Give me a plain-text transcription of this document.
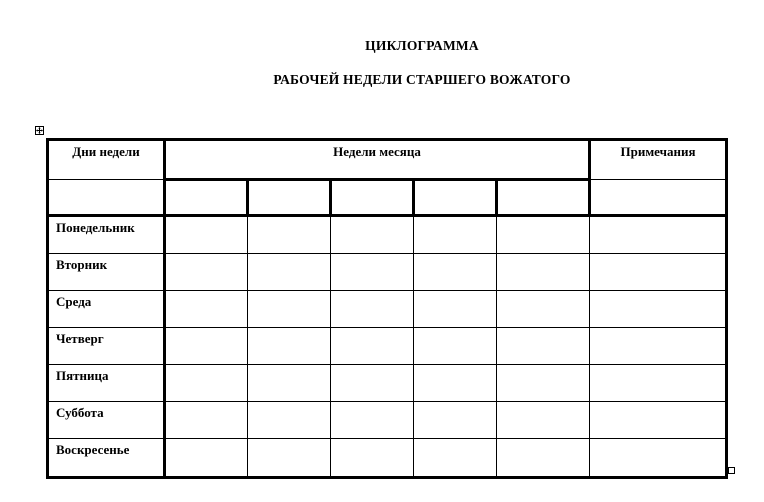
ЦИКЛОГРАММА
РАБОЧЕЙ НЕДЕЛИ СТАРШЕГО ВОЖАТОГО
Дни недели	Недели месяца					Примечания

Понедельник						
Вторник						
Среда						
Четверг						
Пятница						
Суббота						
Воскресенье						
